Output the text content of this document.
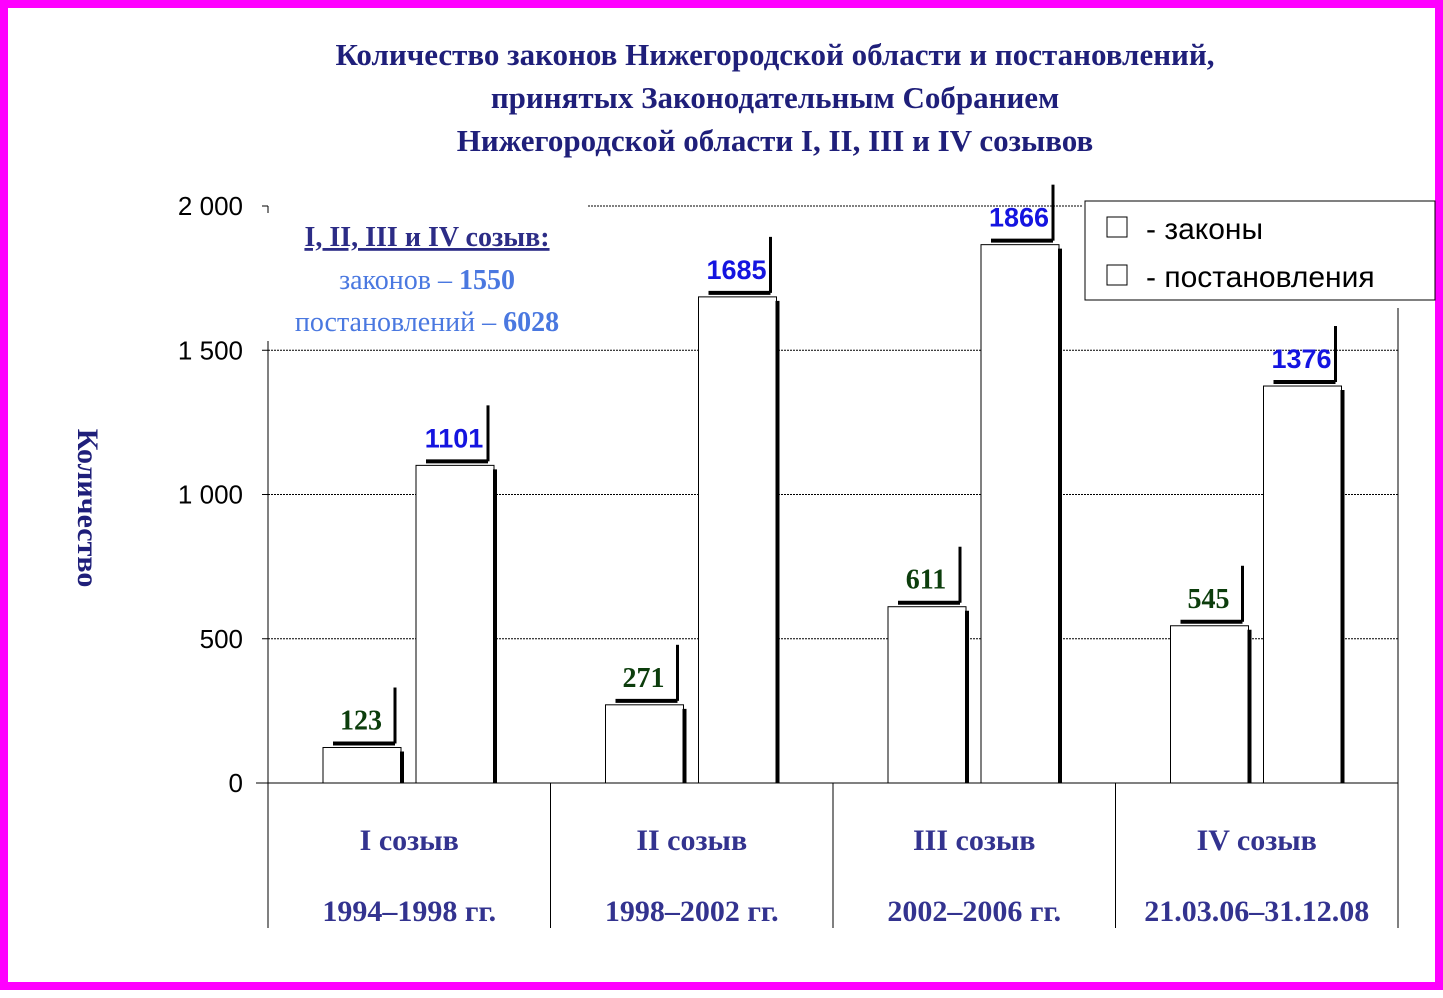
Количество законов Нижегородской области и постановлений,
принятых Законодательным Собранием
Нижегородской области I, II, III и IV созывов
123
271
611
545
1101
1685
1866
1376
Количество
0
500
1 000
1 500
2 000
I созыв
1994–1998 гг.
II созыв
1998–2002 гг.
III созыв
2002–2006 гг.
IV созыв
21.03.06–31.12.08
I, II, III и IV созыв:
законов – 1550
постановлений – 6028
- законы
- постановления
